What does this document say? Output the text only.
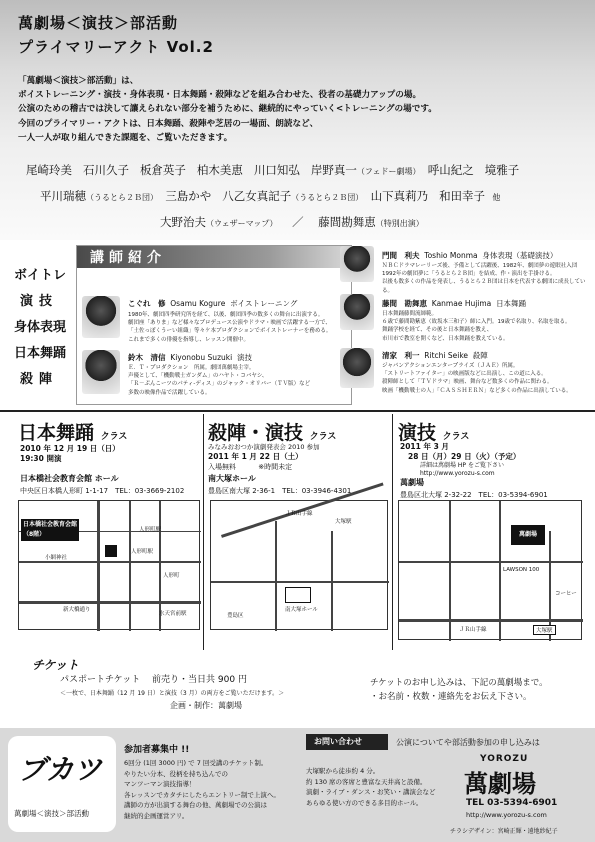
萬劇場＜演技＞部活動
プライマリーアクト Vol.2
「萬劇場＜演技＞部活動」は、
ボイストレーニング・演技・身体表現・日本舞踊・殺陣などを組み合わせた、役者の基礎力アップの場。
公演のための稽古では決して讓えられない部分を補うために、継続的にやっていく<トレーニングの場です。
今回のプライマリー・アクトは、日本舞踊、殺陣や芝居の一場面、朗読など、
一人一人が取り組んできた課題を、ご覧いただきます。
尾崎玲美 石川久子 板倉英子 柏木美恵 川口知弘 岸野真一（フェドー劇場） 呼山紀之 境雅子
平川瑞穂（うるとら２Ｂ団） 三島かや 八乙女真記子（うるとら２Ｂ団） 山下真莉乃 和田幸子 他
大野治夫（ウェザーマップ） ／ 藤間勘舞恵（特別出演）
ボイトレ
演技
身体表現
日本舞踊
殺陣
講師紹介
こぐれ　修 Osamu Kogure ボイストレーニング
1980年、劇団四季研究所を経て、以後、劇団四季の数多くの舞台に出演する。
劇団座「ありま」など様々なプロデュース公演やドラマ・映画で活躍する一方で、
「土佐っぽくうーい組織」等々ケ本プロダクションでボイストレーナーを務める。
これまで多くの俳優を指導し、レッスン開催中。
鈴木　清信 Kiyonobu Suzuki 演技
Ｅ．Ｔ・プロダクション　所属。劇団萬劇場主宰。
声優として、「機動戦士ガンダム」のハヤト・コバヤシ、
「Ｒ－ぷんこーツのパティ-ディス」のジャック・オリバー（ＴＶ版）など
多数の映像作品で活躍している。
門間　利夫 Toshio Monma 身体表現（基礎演技）
ＮＢＣドラマレーリーズ後、予備として活躍後、1982年、劇団夢の遊眠社入団
1992年の劇団夢に「うるとら２Ｂ団」を結成、作・演出を手掛ける。
以後も数多くの作品を発表し、うるとら２Ｂ団は日本を代表する劇団に成長している。
藤間　勘舞恵 Kanmae Hujima 日本舞踊
日本舞踊藤間流師範。
６歳で藤間勘紫恵（故坂本三和子）師に入門。19歳で名取り、名取を取る。
舞踊学校を経て、その後と日本舞踊を教え、
市川市で教室を開くなど、日本舞踊を教えている。
清家　利一 Ritchi Seike 殺陣
ジャパンアクションエンタープライズ（ＪＡＥ）所属。
「ストリートファイター」の映画版などに出演し、この道に入る。
殺陣師として「ＴＶドラマ」映画、舞台など数多くの作品に関わる。
映画「機動戦士の人」「ＣＡＳＳＨＥＲＮ」など多くの作品に出演している。
日本舞踊 クラス
2010 年 12 月 19 日（日）
19:30 開演
日本橋社会教育会館 ホール
中央区日本橋人形町 1-1-17　TEL：03-3669-2102
殺陣・演技 クラス
みなみおおつか演劇発表会 2010 参加
2011 年 1 月 22 日（土）
入場無料	※時間未定
南大塚ホール
豊島区南大塚 2-36-1　TEL：03-3946-4301
演技 クラス
2011 年 3 月
28 日（月）29 日（火）（予定）
詳細は萬劇場 HP をご覧下さい
http://www.yorozu-s.com
萬劇場
豊島区北大塚 2-32-22　TEL：03-5394-6901
日本橋社会教育会館（8階）
人形町駅
人形町駅
小網神社
新大橋通り
水天宮前駅
人形町
ＪＲ山手線
大塚駅
南大塚ホール
豊島区
萬劇場
大塚駅
ＪＲ山手線
LAWSON 100
コーヒー
チケット
パスポートチケット　 前売り・当日共 900 円
＜一枚で、日本舞踊（12 月 19 日）と演技（3 月）の両方をご覧いただけます。＞
企画・制作：萬劇場
チケットのお申し込みは、下記の萬劇場まで。
・お名前・枚数・連絡先をお伝え下さい。
ブカツ
萬劇場＜演技＞部活動
参加者募集中 !!
6回分 (1回 3000 円) で 7 回受講のチケット制。
やりたい分本、役柄を持ち込んでの
マンツーマン演技指導！
各レッスンでカタチにしたらエントリー制で上演へ。
講師の方が出演する舞台の他、萬劇場での公演は
継続的企画運営アリ。
お問い合わせ	公演についてや部活動参加の申し込みは
大塚駅から徒歩約 4 分。
約 130 席の客席と豊富な天井高と設備。
演劇・ライブ・ダンス・お笑い・講演会など
あらゆる使い方のできる多目的ホール。
YOROZU
萬劇場
TEL 03-5394-6901
http://www.yorozu-s.com
チラシデザイン：宮崎正輝・遠地紗紀子
